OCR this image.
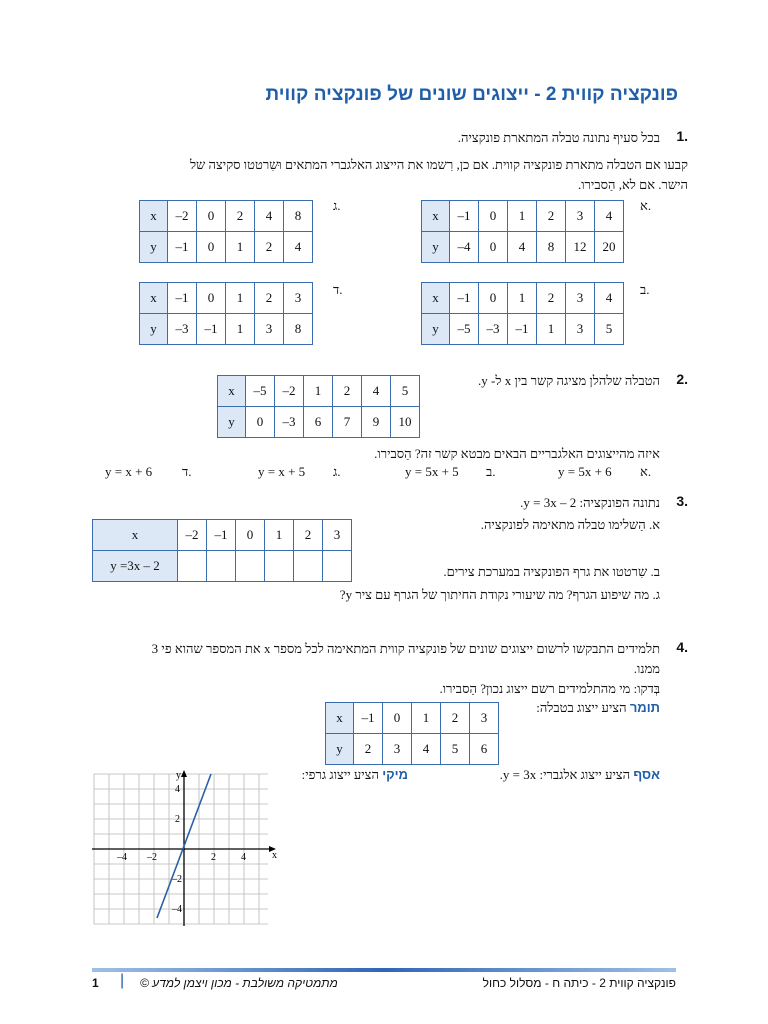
פונקציה קווית 2 - ייצוגים שונים של פונקציה קווית
1.
בכל סעיף נתונה טבלה המתארת פונקציה.
קבעו אם הטבלה מתארת פונקציה קווית. אם כן, רִשמו את הייצוג האלגברי המתאים וּשִרטטו סקיצה של
הישר. אם לא, הַסבירו.
א.
x	–1	0	1	2	3	4
y	–4	0	4	8	12	20
ג.
x	–2	0	2	4	8
y	–1	0	1	2	4
ב.
x	–1	0	1	2	3	4
y	–5	–3	–1	1	3	5
ד.
x	–1	0	1	2	3
y	–3	–1	1	3	8
2.
הטבלה שלהלן מציגה קשר בין x ל- y.
x	–5	–2	1	2	4	5
y	0	–3	6	7	9	10
איזה מהייצוגים האלגבריים הבאים מבטא קשר זה? הַסבירו.
א.
y = 5x + 6
ב.
y = 5x + 5
ג.
y = x + 5
ד.
y = x + 6
3.
נתונה הפונקציה: y = 3x – 2.
א. הַשלימו טבלה מתאימה לפונקציה.
x	–2	–1	0	1	2	3
y =3x – 2							ב. שִרטטו את גרף הפונקציה במערכת צירים.
ג. מה שיפוע הגרף? מה שיעורי נקודת החיתוך של הגרף עם ציר y?
4.
תלמידים התבקשו לרשום ייצוגים שונים של פונקציה קווית המתאימה לכל מספר x את המספר שהוא פי 3
ממנו.
בְּדקו: מי מהתלמידים רשם ייצוג נכון? הַסבירו.
תומר הציע ייצוג בטבלה:
x	–1	0	1	2	3
y	2	3	4	5	6
אסף הציע ייצוג אלגברי: y = 3x.
מיקי הציע ייצוג גרפי:
x
y
–4 –2	2	4
4
2
–2
–4
פונקציה קווית 2 - כיתה ח - מסלול כחול
מתמטיקה משולבת - מכון ויצמן למדע ©
|
1
